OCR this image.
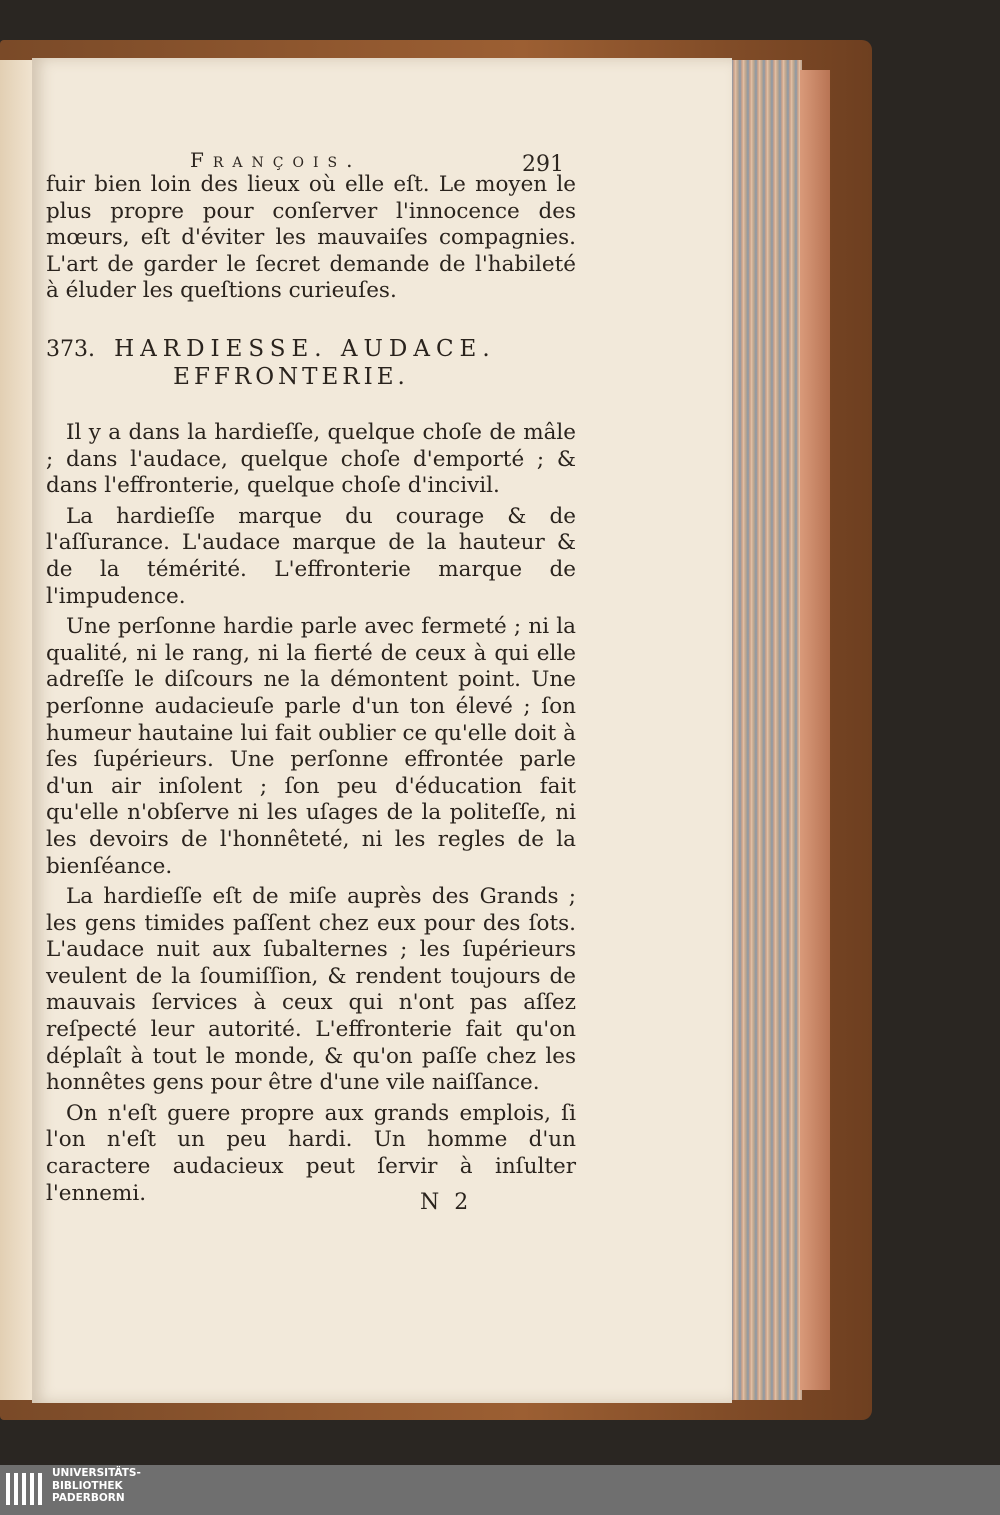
François.	291

fuir bien loin des lieux où elle eſt. Le moyen le plus propre pour conſerver l'innocence des mœurs, eſt d'éviter les mauvaiſes compagnies. L'art de garder le ſecret demande de l'habileté à éluder les queſtions curieuſes.

373. HARDIESSE. AUDACE.
EFFRONTERIE.

Il y a dans la hardieſſe, quelque choſe de mâle ; dans l'audace, quelque choſe d'emporté ; & dans l'effronterie, quelque choſe d'incivil.

La hardieſſe marque du courage & de l'aſſurance. L'audace marque de la hauteur & de la témérité. L'effronterie marque de l'impudence.

Une perſonne hardie parle avec fermeté ; ni la qualité, ni le rang, ni la fierté de ceux à qui elle adreſſe le diſcours ne la démontent point. Une perſonne audacieuſe parle d'un ton élevé ; ſon humeur hautaine lui fait oublier ce qu'elle doit à ſes ſupérieurs. Une perſonne effrontée parle d'un air inſolent ; ſon peu d'éducation fait qu'elle n'obſerve ni les uſages de la politeſſe, ni les devoirs de l'honnêteté, ni les regles de la bienſéance.

La hardieſſe eſt de miſe auprès des Grands ; les gens timides paſſent chez eux pour des ſots. L'audace nuit aux ſubalternes ; les ſupérieurs veulent de la ſoumiſſion, & rendent toujours de mauvais ſervices à ceux qui n'ont pas aſſez reſpecté leur autorité. L'effronterie fait qu'on déplaît à tout le monde, & qu'on paſſe chez les honnêtes gens pour être d'une vile naiſſance.

On n'eſt guere propre aux grands emplois, ſi l'on n'eſt un peu hardi. Un homme d'un caractere audacieux peut ſervir à inſulter l'ennemi.	N 2
UNIVERSITÄTS-
BIBLIOTHEK
PADERBORN
